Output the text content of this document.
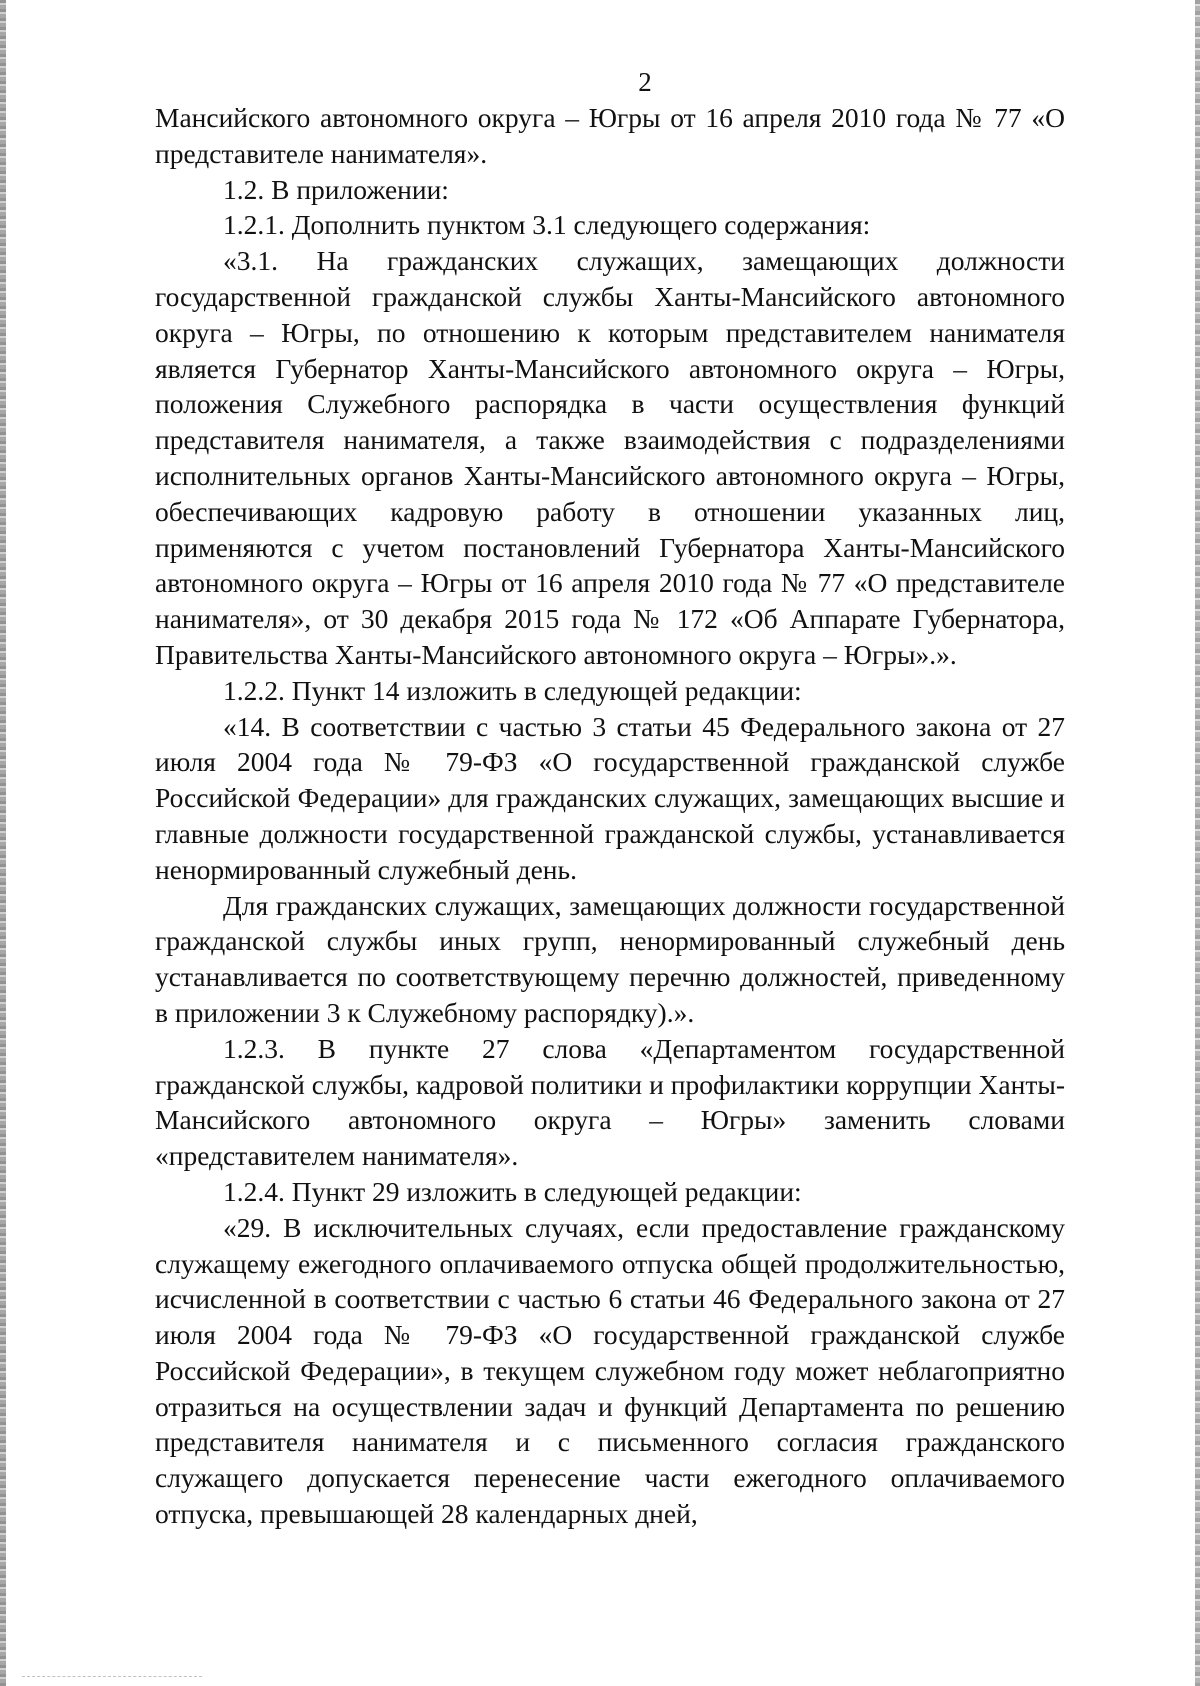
2

Мансийского автономного округа – Югры от 16 апреля 2010 года № 77 «О представителе нанимателя».

1.2. В приложении:

1.2.1. Дополнить пунктом 3.1 следующего содержания:

«3.1. На гражданских служащих, замещающих должности государственной гражданской службы Ханты-Мансийского автономного округа – Югры, по отношению к которым представителем нанимателя является Губернатор Ханты-Мансийского автономного округа – Югры, положения Служебного распорядка в части осуществления функций представителя нанимателя, а также взаимодействия с подразделениями исполнительных органов Ханты-Мансийского автономного округа – Югры, обеспечивающих кадровую работу в отношении указанных лиц, применяются с учетом постановлений Губернатора Ханты-Мансийского автономного округа – Югры от 16 апреля 2010 года № 77 «О представителе нанимателя», от 30 декабря 2015 года № 172 «Об Аппарате Губернатора, Правительства Ханты-Мансийского автономного округа – Югры».».

1.2.2. Пункт 14 изложить в следующей редакции:

«14. В соответствии с частью 3 статьи 45 Федерального закона от 27 июля 2004 года № 79-ФЗ «О государственной гражданской службе Российской Федерации» для гражданских служащих, замещающих высшие и главные должности государственной гражданской службы, устанавливается ненормированный служебный день.

Для гражданских служащих, замещающих должности государственной гражданской службы иных групп, ненормированный служебный день устанавливается по соответствующему перечню должностей, приведенному в приложении 3 к Служебному распорядку).».

1.2.3. В пункте 27 слова «Департаментом государственной гражданской службы, кадровой политики и профилактики коррупции Ханты-Мансийского автономного округа – Югры» заменить словами «представителем нанимателя».

1.2.4. Пункт 29 изложить в следующей редакции:

«29. В исключительных случаях, если предоставление гражданскому служащему ежегодного оплачиваемого отпуска общей продолжительностью, исчисленной в соответствии с частью 6 статьи 46 Федерального закона от 27 июля 2004 года № 79-ФЗ «О государственной гражданской службе Российской Федерации», в текущем служебном году может неблагоприятно отразиться на осуществлении задач и функций Департамента по решению представителя нанимателя и с письменного согласия гражданского служащего допускается перенесение части ежегодного оплачиваемого отпуска, превышающей 28 календарных дней,
